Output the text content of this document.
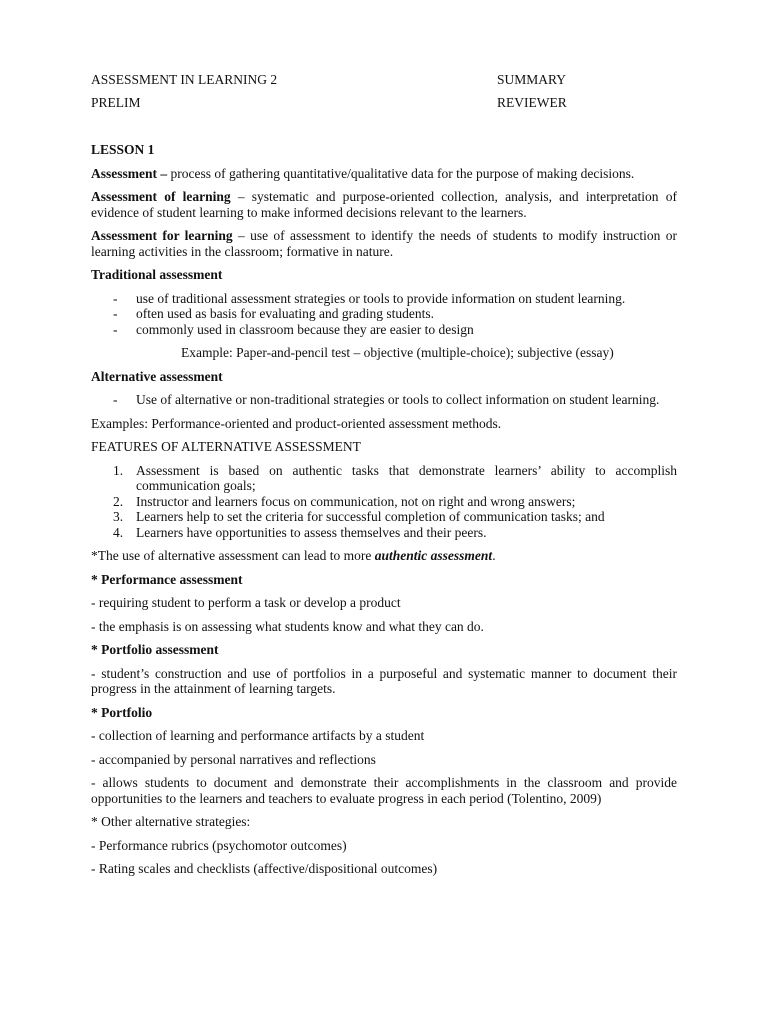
ASSESSMENT IN LEARNING 2
PRELIM
SUMMARY
REVIEWER

LESSON 1

Assessment – process of gathering quantitative/qualitative data for the purpose of making decisions.

Assessment of learning – systematic and purpose-oriented collection, analysis, and interpretation of evidence of student learning to make informed decisions relevant to the learners.

Assessment for learning – use of assessment to identify the needs of students to modify instruction or learning activities in the classroom; formative in nature.

Traditional assessment

- use of traditional assessment strategies or tools to provide information on student learning.
- often used as basis for evaluating and grading students.
- commonly used in classroom because they are easier to design

Example: Paper-and-pencil test – objective (multiple-choice); subjective (essay)

Alternative assessment

- Use of alternative or non-traditional strategies or tools to collect information on student learning.

Examples: Performance-oriented and product-oriented assessment methods.

FEATURES OF ALTERNATIVE ASSESSMENT

Assessment is based on authentic tasks that demonstrate learners’ ability to accomplish communication goals;
Instructor and learners focus on communication, not on right and wrong answers;
Learners help to set the criteria for successful completion of communication tasks; and
Learners have opportunities to assess themselves and their peers.

*The use of alternative assessment can lead to more authentic assessment.

* Performance assessment

- requiring student to perform a task or develop a product

- the emphasis is on assessing what students know and what they can do.

* Portfolio assessment

- student’s construction and use of portfolios in a purposeful and systematic manner to document their progress in the attainment of learning targets.

* Portfolio

- collection of learning and performance artifacts by a student

- accompanied by personal narratives and reflections

- allows students to document and demonstrate their accomplishments in the classroom and provide opportunities to the learners and teachers to evaluate progress in each period (Tolentino, 2009)

* Other alternative strategies:

- Performance rubrics (psychomotor outcomes)

- Rating scales and checklists (affective/dispositional outcomes)
